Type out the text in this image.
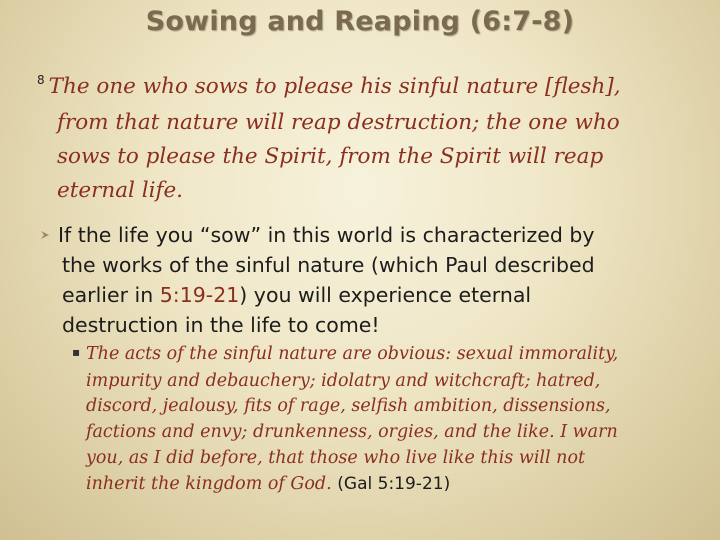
Sowing and Reaping (6:7-8)
$^8$ The one who sows to please his sinful nature [flesh],
from that nature will reap destruction; the one who
sows to please the Spirit, from the Spirit will reap
eternal life.
If the life you “sow” in this world is characterized by
the works of the sinful nature (which Paul described
earlier in 5:19-21) you will experience eternal
destruction in the life to come!
▪ The acts of the sinful nature are obvious: sexual immorality,
impurity and debauchery; idolatry and witchcraft; hatred,
discord, jealousy, fits of rage, selfish ambition, dissensions,
factions and envy; drunkenness, orgies, and the like. I warn
you, as I did before, that those who live like this will not
inherit the kingdom of God. (Gal 5:19-21)
